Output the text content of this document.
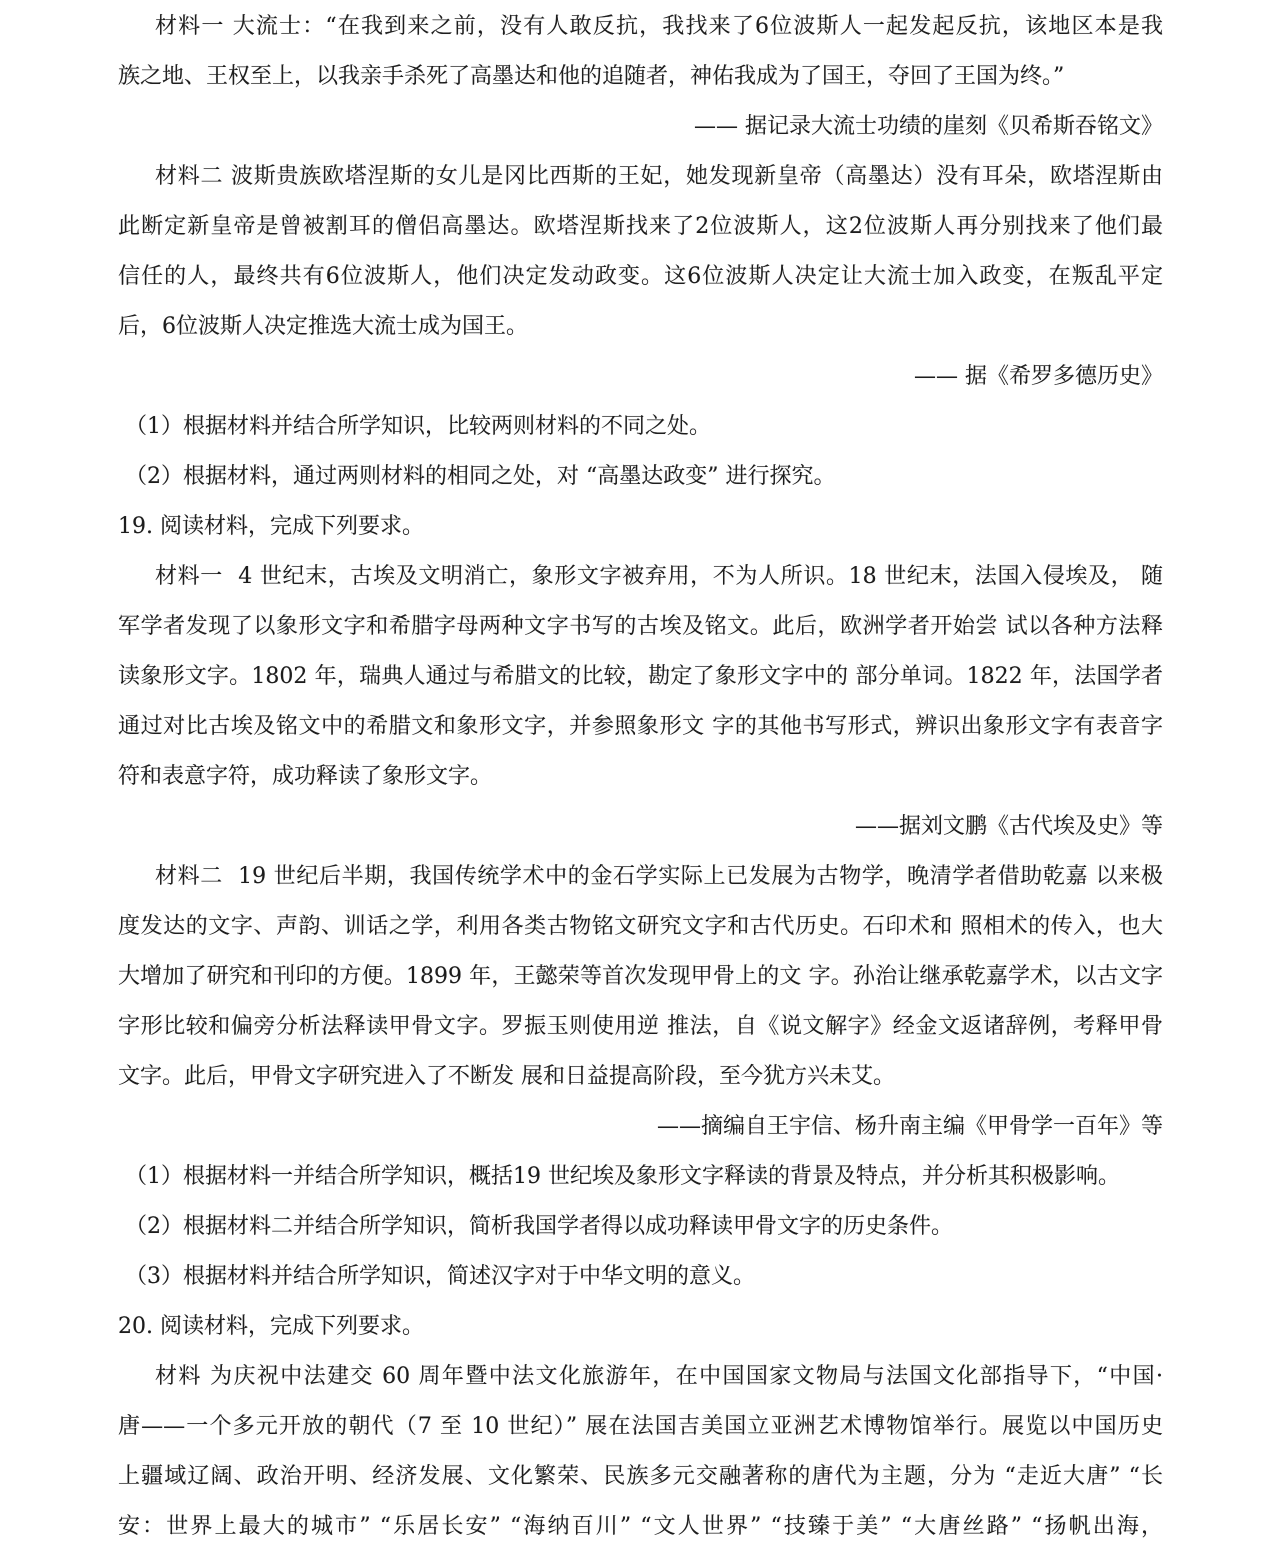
材料一 大流士：“在我到来之前，没有人敢反抗，我找来了6位波斯人一起发起反抗，该地区本是我
族之地、王权至上，以我亲手杀死了高墨达和他的追随者，神佑我成为了国王，夺回了王国为终。”
—— 据记录大流士功绩的崖刻《贝希斯吞铭文》
材料二 波斯贵族欧塔涅斯的女儿是冈比西斯的王妃，她发现新皇帝（高墨达）没有耳朵，欧塔涅斯由
此断定新皇帝是曾被割耳的僧侣高墨达。欧塔涅斯找来了2位波斯人，这2位波斯人再分别找来了他们最
信任的人，最终共有6位波斯人，他们决定发动政变。这6位波斯人决定让大流士加入政变，在叛乱平定
后，6位波斯人决定推选大流士成为国王。
—— 据《希罗多德历史》
（1）根据材料并结合所学知识，比较两则材料的不同之处。
（2）根据材料，通过两则材料的相同之处，对 “高墨达政变” 进行探究。
19. 阅读材料，完成下列要求。
材料一  4 世纪末，古埃及文明消亡，象形文字被弃用，不为人所识。18 世纪末，法国入侵埃及， 随
军学者发现了以象形文字和希腊字母两种文字书写的古埃及铭文。此后，欧洲学者开始尝 试以各种方法释
读象形文字。1802 年，瑞典人通过与希腊文的比较，勘定了象形文字中的 部分单词。1822 年，法国学者
通过对比古埃及铭文中的希腊文和象形文字，并参照象形文 字的其他书写形式，辨识出象形文字有表音字
符和表意字符，成功释读了象形文字。
——据刘文鹏《古代埃及史》等
材料二  19 世纪后半期，我国传统学术中的金石学实际上已发展为古物学，晚清学者借助乾嘉 以来极
度发达的文字、声韵、训话之学，利用各类古物铭文研究文字和古代历史。石印术和 照相术的传入，也大
大增加了研究和刊印的方便。1899 年，王懿荣等首次发现甲骨上的文 字。孙治让继承乾嘉学术，以古文字
字形比较和偏旁分析法释读甲骨文字。罗振玉则使用逆 推法，自《说文解字》经金文返诸辞例，考释甲骨
文字。此后，甲骨文字研究进入了不断发 展和日益提高阶段，至今犹方兴未艾。
——摘编自王宇信、杨升南主编《甲骨学一百年》等
（1）根据材料一并结合所学知识，概括19 世纪埃及象形文字释读的背景及特点，并分析其积极影响。
（2）根据材料二并结合所学知识，简析我国学者得以成功释读甲骨文字的历史条件。
（3）根据材料并结合所学知识，简述汉字对于中华文明的意义。
20. 阅读材料，完成下列要求。
材料 为庆祝中法建交 60 周年暨中法文化旅游年，在中国国家文物局与法国文化部指导下，“中国·
唐——一个多元开放的朝代（7 至 10 世纪）” 展在法国吉美国立亚洲艺术博物馆举行。展览以中国历史
上疆域辽阔、政治开明、经济发展、文化繁荣、民族多元交融著称的唐代为主题，分为 “走近大唐” “长
安：世界上最大的城市” “乐居长安” “海纳百川” “文人世界” “技臻于美” “大唐丝路” “扬帆出海，
